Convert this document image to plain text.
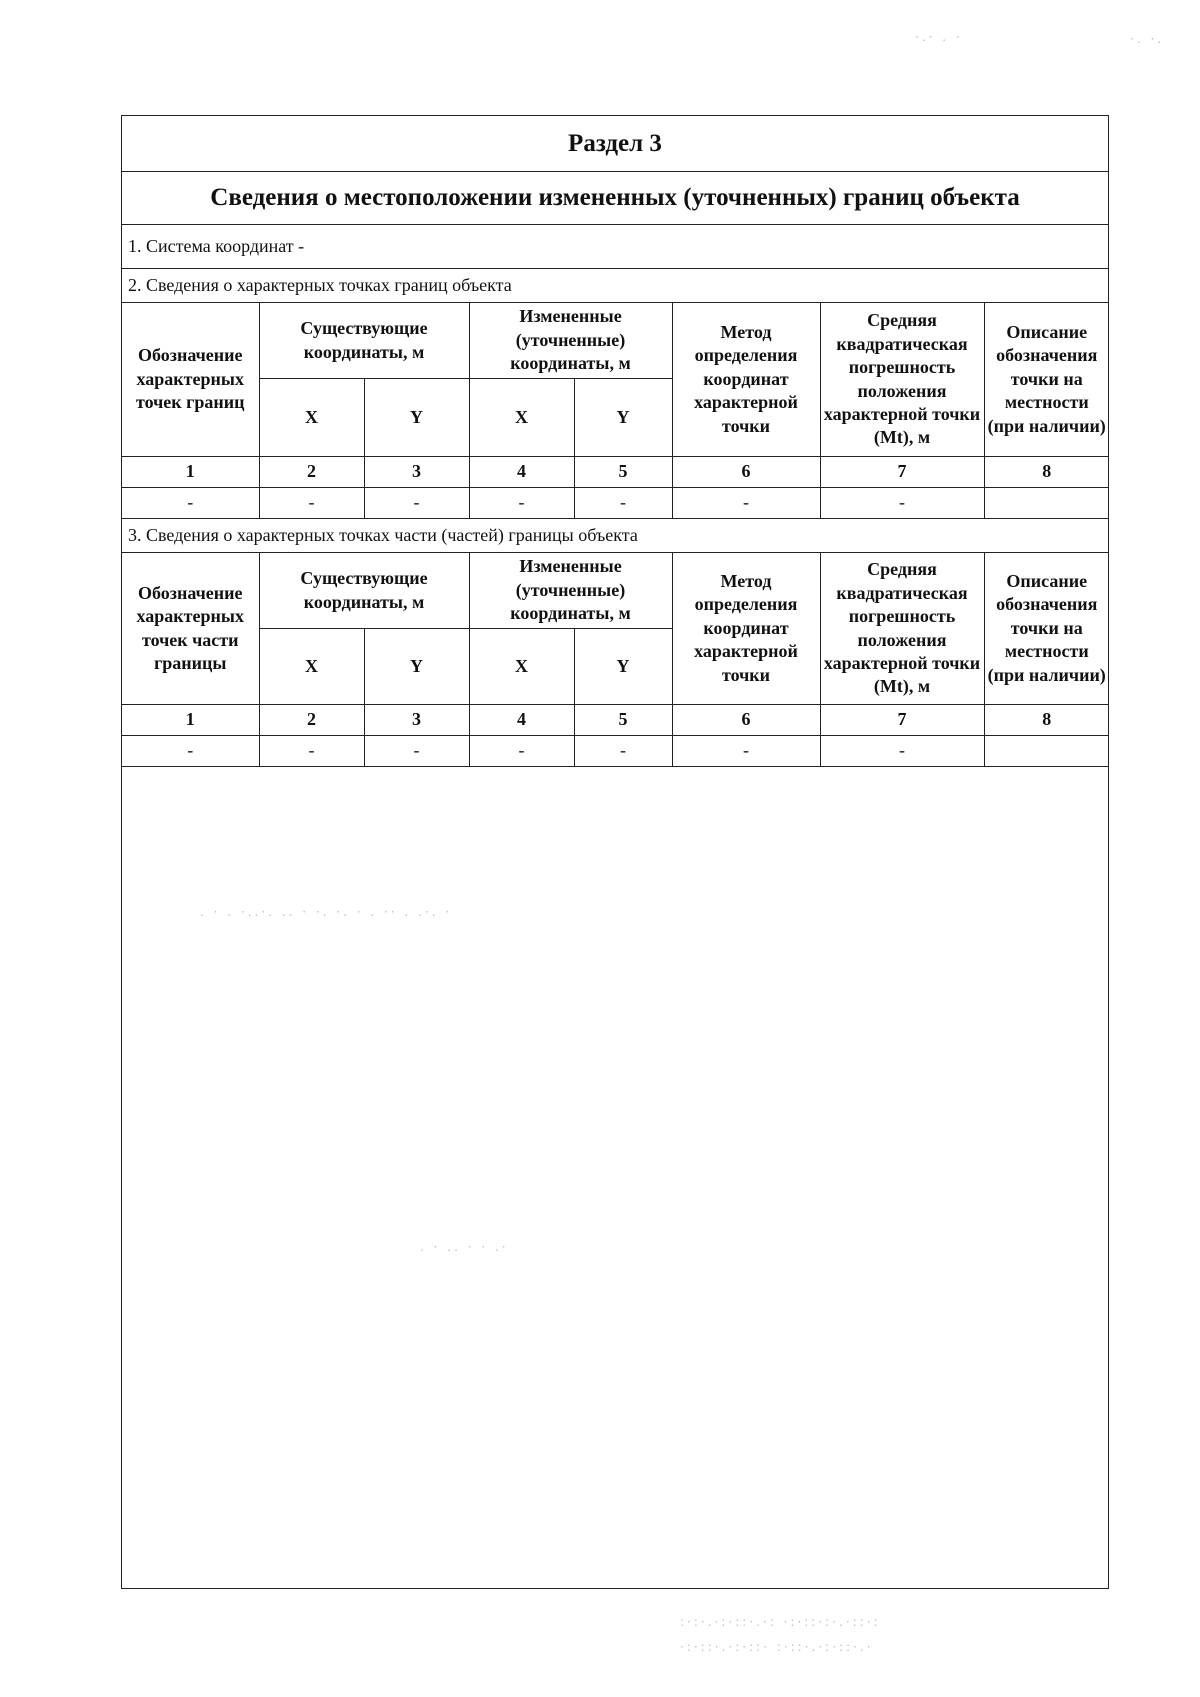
Раздел 3
Сведения о местоположении измененных (уточненных) границ объекта
1. Система координат -
2. Сведения о характерных точках границ объекта
Обозначение характерных точек границ	Существующие координаты, м		Измененные (уточненные) координаты, м		Метод определения координат характерной точки	Средняя квадратическая погрешность положения характерной точки (Mt), м	Описание обозначения точки на местности (при наличии)
	X	Y	X	Y			
1	2	3	4	5	6	7	8
-	-	-	-	-	-	-	
3. Сведения о характерных точках части (частей) границы объекта
Обозначение характерных точек части границы	Существующие координаты, м		Измененные (уточненные) координаты, м		Метод определения координат характерной точки	Средняя квадратическая погрешность положения характерной точки (Mt), м	Описание обозначения точки на местности (при наличии)
	X	Y	X	Y			
1	2	3	4	5	6	7	8
-	-	-	-	-	-	-	
·.· . ·	·. ·.
. · . ·..·. .. · ·. ·. · . ·· . .·. ·
. · .. · · .·
:·:·.·:·::·.·: ·:·::·:·.·::·:
·:·::·.·:·::· :·::·.·:·::·.·
